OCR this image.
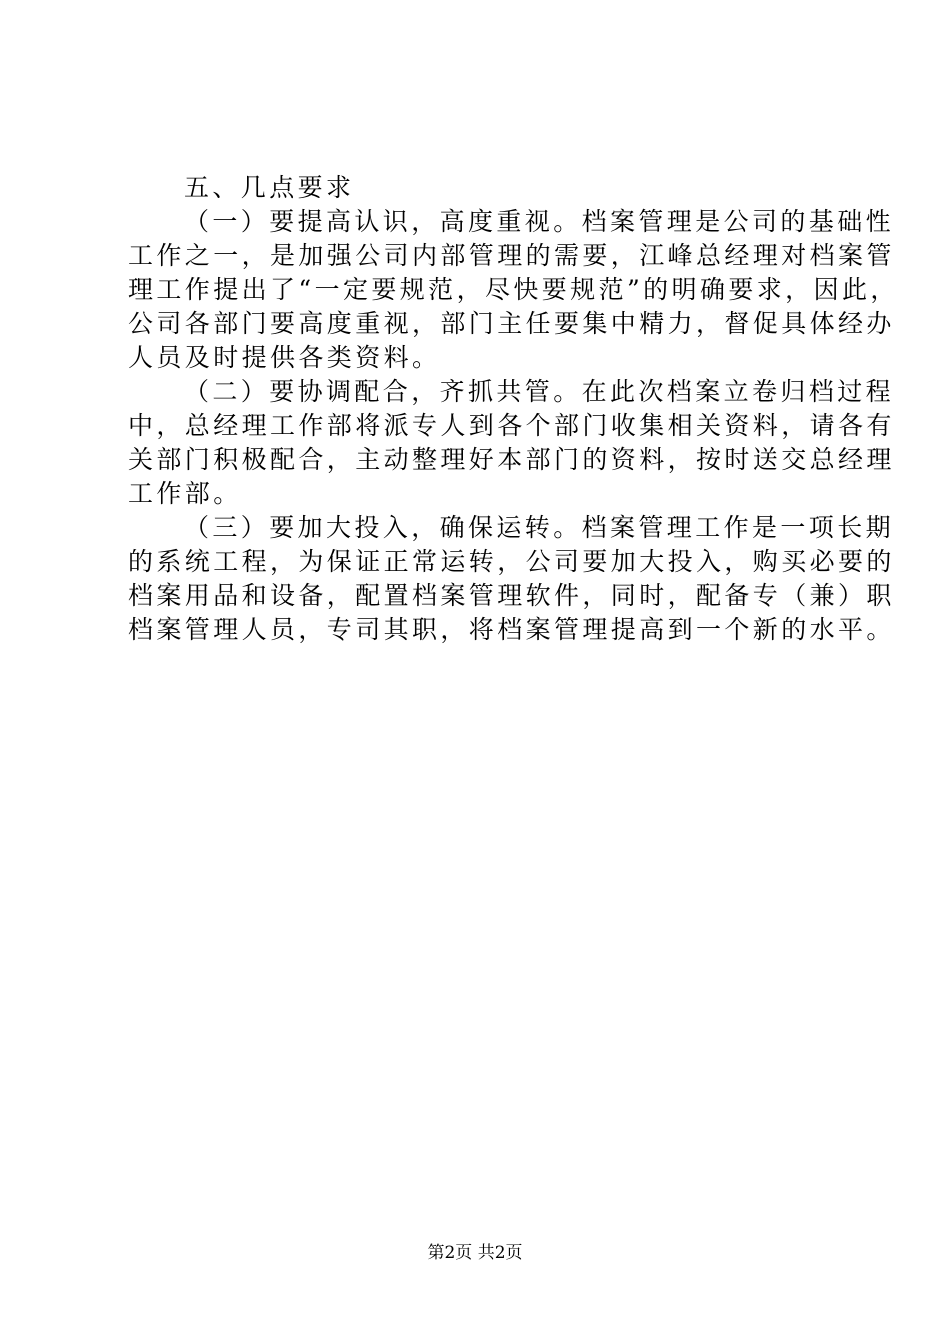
五、几点要求
（一）要提高认识，高度重视。档案管理是公司的基础性
工作之一，是加强公司内部管理的需要，江峰总经理对档案管
理工作提出了“一定要规范，尽快要规范”的明确要求，因此，
公司各部门要高度重视，部门主任要集中精力，督促具体经办
人员及时提供各类资料。
（二）要协调配合，齐抓共管。在此次档案立卷归档过程
中，总经理工作部将派专人到各个部门收集相关资料，请各有
关部门积极配合，主动整理好本部门的资料，按时送交总经理
工作部。
（三）要加大投入，确保运转。档案管理工作是一项长期
的系统工程，为保证正常运转，公司要加大投入，购买必要的
档案用品和设备，配置档案管理软件，同时，配备专（兼）职
档案管理人员，专司其职，将档案管理提高到一个新的水平。
第2页 共2页
